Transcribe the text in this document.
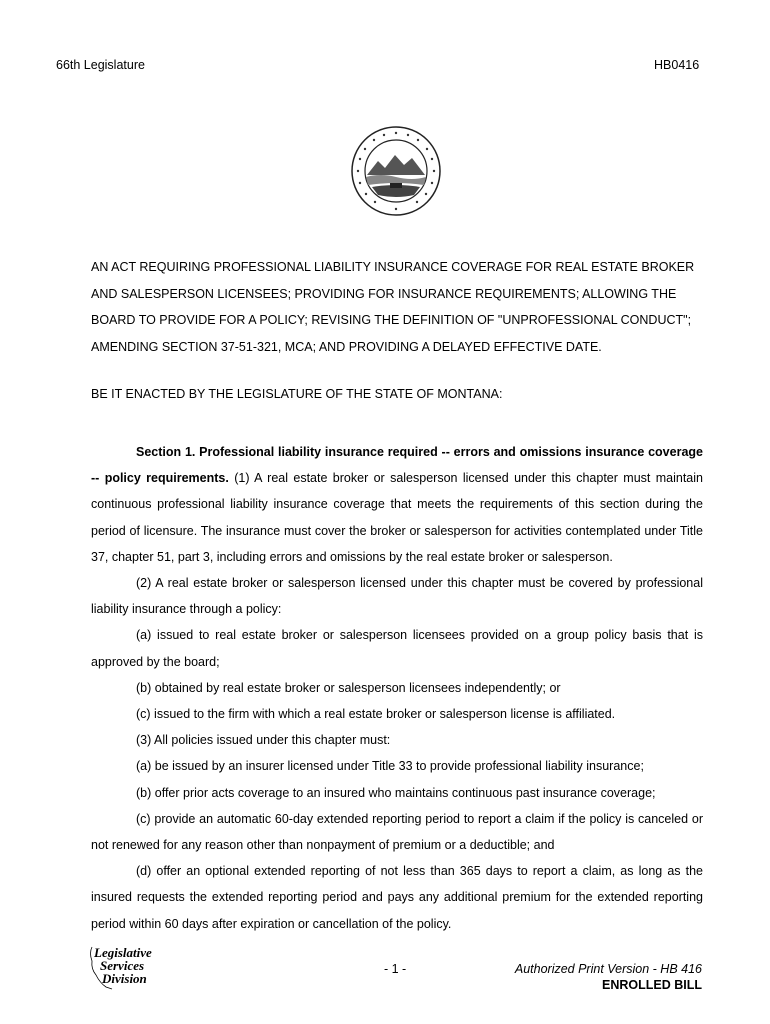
66th Legislature	HB0416

AN ACT REQUIRING PROFESSIONAL LIABILITY INSURANCE COVERAGE FOR REAL ESTATE BROKER

AND SALESPERSON LICENSEES; PROVIDING FOR INSURANCE REQUIREMENTS; ALLOWING THE

BOARD TO PROVIDE FOR A POLICY; REVISING THE DEFINITION OF "UNPROFESSIONAL CONDUCT";

AMENDING SECTION 37-51-321, MCA; AND PROVIDING A DELAYED EFFECTIVE DATE.

BE IT ENACTED BY THE LEGISLATURE OF THE STATE OF MONTANA:

Section 1. Professional liability insurance required -- errors and omissions insurance coverage -- policy requirements. (1) A real estate broker or salesperson licensed under this chapter must maintain continuous professional liability insurance coverage that meets the requirements of this section during the period of licensure. The insurance must cover the broker or salesperson for activities contemplated under Title 37, chapter 51, part 3, including errors and omissions by the real estate broker or salesperson.

(2) A real estate broker or salesperson licensed under this chapter must be covered by professional liability insurance through a policy:

(a) issued to real estate broker or salesperson licensees provided on a group policy basis that is approved by the board;

(b) obtained by real estate broker or salesperson licensees independently; or

(c) issued to the firm with which a real estate broker or salesperson license is affiliated.

(3) All policies issued under this chapter must:

(a) be issued by an insurer licensed under Title 33 to provide professional liability insurance;

(b) offer prior acts coverage to an insured who maintains continuous past insurance coverage;

(c) provide an automatic 60-day extended reporting period to report a claim if the policy is canceled or not renewed for any reason other than nonpayment of premium or a deductible; and

(d) offer an optional extended reporting of not less than 365 days to report a claim, as long as the insured requests the extended reporting period and pays any additional premium for the extended reporting period within 60 days after expiration or cancellation of the policy.

Legislative
Services
Division
- 1 -	Authorized Print Version - HB 416
ENROLLED BILL
